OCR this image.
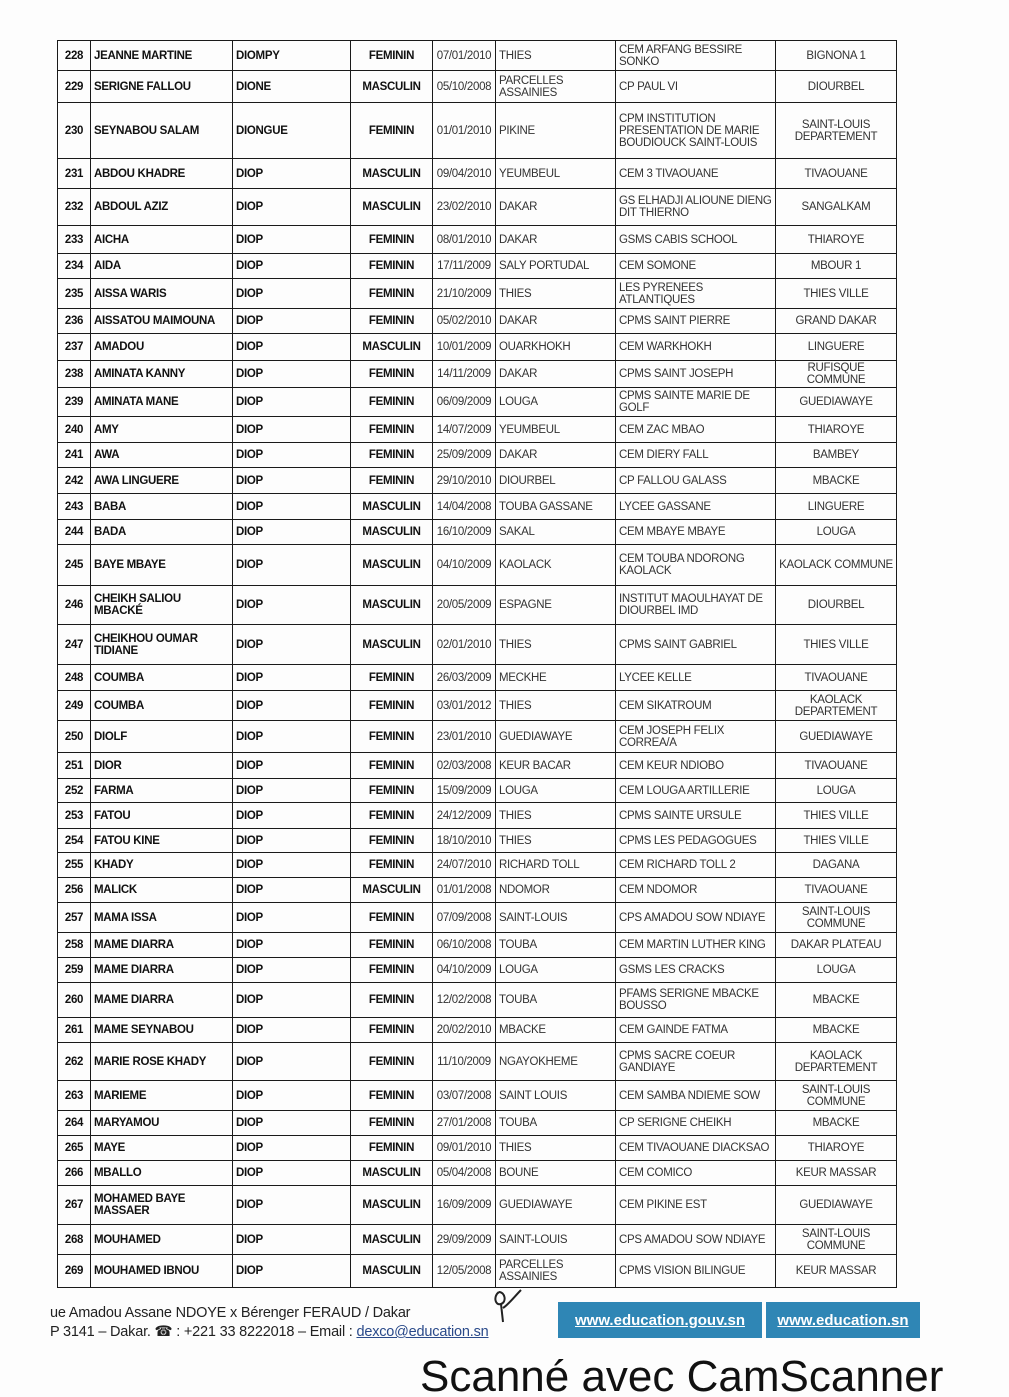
228	JEANNE MARTINE	DIOMPY	FEMININ	07/01/2010	THIES	CEM ARFANG BESSIRE SONKO	BIGNONA 1
229	SERIGNE FALLOU	DIONE	MASCULIN	05/10/2008	PARCELLES ASSAINIES	CP PAUL VI	DIOURBEL
230	SEYNABOU SALAM	DIONGUE	FEMININ	01/01/2010	PIKINE	CPM INSTITUTION PRESENTATION DE MARIE BOUDIOUCK SAINT-LOUIS	SAINT-LOUIS DEPARTEMENT
231	ABDOU KHADRE	DIOP	MASCULIN	09/04/2010	YEUMBEUL	CEM 3 TIVAOUANE	TIVAOUANE
232	ABDOUL AZIZ	DIOP	MASCULIN	23/02/2010	DAKAR	GS ELHADJI ALIOUNE DIENG DIT THIERNO	SANGALKAM
233	AICHA	DIOP	FEMININ	08/01/2010	DAKAR	GSMS CABIS SCHOOL	THIAROYE
234	AIDA	DIOP	FEMININ	17/11/2009	SALY PORTUDAL	CEM SOMONE	MBOUR 1
235	AISSA WARIS	DIOP	FEMININ	21/10/2009	THIES	LES PYRENEES ATLANTIQUES	THIES VILLE
236	AISSATOU MAIMOUNA	DIOP	FEMININ	05/02/2010	DAKAR	CPMS SAINT PIERRE	GRAND DAKAR
237	AMADOU	DIOP	MASCULIN	10/01/2009	OUARKHOKH	CEM WARKHOKH	LINGUERE
238	AMINATA KANNY	DIOP	FEMININ	14/11/2009	DAKAR	CPMS SAINT JOSEPH	RUFISQUE COMMUNE
239	AMINATA MANE	DIOP	FEMININ	06/09/2009	LOUGA	CPMS SAINTE MARIE DE GOLF	GUEDIAWAYE
240	AMY	DIOP	FEMININ	14/07/2009	YEUMBEUL	CEM ZAC MBAO	THIAROYE
241	AWA	DIOP	FEMININ	25/09/2009	DAKAR	CEM DIERY FALL	BAMBEY
242	AWA LINGUERE	DIOP	FEMININ	29/10/2010	DIOURBEL	CP FALLOU GALASS	MBACKE
243	BABA	DIOP	MASCULIN	14/04/2008	TOUBA GASSANE	LYCEE GASSANE	LINGUERE
244	BADA	DIOP	MASCULIN	16/10/2009	SAKAL	CEM MBAYE MBAYE	LOUGA
245	BAYE MBAYE	DIOP	MASCULIN	04/10/2009	KAOLACK	CEM TOUBA NDORONG KAOLACK	KAOLACK COMMUNE
246	CHEIKH SALIOU MBACKÉ	DIOP	MASCULIN	20/05/2009	ESPAGNE	INSTITUT MAOULHAYAT DE DIOURBEL IMD	DIOURBEL
247	CHEIKHOU OUMAR TIDIANE	DIOP	MASCULIN	02/01/2010	THIES	CPMS SAINT GABRIEL	THIES VILLE
248	COUMBA	DIOP	FEMININ	26/03/2009	MECKHE	LYCEE KELLE	TIVAOUANE
249	COUMBA	DIOP	FEMININ	03/01/2012	THIES	CEM SIKATROUM	KAOLACK DEPARTEMENT
250	DIOLF	DIOP	FEMININ	23/01/2010	GUEDIAWAYE	CEM JOSEPH FELIX CORREA/A	GUEDIAWAYE
251	DIOR	DIOP	FEMININ	02/03/2008	KEUR BACAR	CEM KEUR NDIOBO	TIVAOUANE
252	FARMA	DIOP	FEMININ	15/09/2009	LOUGA	CEM LOUGA ARTILLERIE	LOUGA
253	FATOU	DIOP	FEMININ	24/12/2009	THIES	CPMS SAINTE URSULE	THIES VILLE
254	FATOU KINE	DIOP	FEMININ	18/10/2010	THIES	CPMS LES PEDAGOGUES	THIES VILLE
255	KHADY	DIOP	FEMININ	24/07/2010	RICHARD TOLL	CEM RICHARD TOLL 2	DAGANA
256	MALICK	DIOP	MASCULIN	01/01/2008	NDOMOR	CEM NDOMOR	TIVAOUANE
257	MAMA ISSA	DIOP	FEMININ	07/09/2008	SAINT-LOUIS	CPS AMADOU SOW NDIAYE	SAINT-LOUIS COMMUNE
258	MAME DIARRA	DIOP	FEMININ	06/10/2008	TOUBA	CEM MARTIN LUTHER KING	DAKAR PLATEAU
259	MAME DIARRA	DIOP	FEMININ	04/10/2009	LOUGA	GSMS LES CRACKS	LOUGA
260	MAME DIARRA	DIOP	FEMININ	12/02/2008	TOUBA	PFAMS SERIGNE MBACKE BOUSSO	MBACKE
261	MAME SEYNABOU	DIOP	FEMININ	20/02/2010	MBACKE	CEM GAINDE FATMA	MBACKE
262	MARIE ROSE KHADY	DIOP	FEMININ	11/10/2009	NGAYOKHEME	CPMS SACRE COEUR GANDIAYE	KAOLACK DEPARTEMENT
263	MARIEME	DIOP	FEMININ	03/07/2008	SAINT LOUIS	CEM SAMBA NDIEME SOW	SAINT-LOUIS COMMUNE
264	MARYAMOU	DIOP	FEMININ	27/01/2008	TOUBA	CP SERIGNE CHEIKH	MBACKE
265	MAYE	DIOP	FEMININ	09/01/2010	THIES	CEM TIVAOUANE DIACKSAO	THIAROYE
266	MBALLO	DIOP	MASCULIN	05/04/2008	BOUNE	CEM COMICO	KEUR MASSAR
267	MOHAMED BAYE MASSAER	DIOP	MASCULIN	16/09/2009	GUEDIAWAYE	CEM PIKINE EST	GUEDIAWAYE
268	MOUHAMED	DIOP	MASCULIN	29/09/2009	SAINT-LOUIS	CPS AMADOU SOW NDIAYE	SAINT-LOUIS COMMUNE
269	MOUHAMED IBNOU	DIOP	MASCULIN	12/05/2008	PARCELLES ASSAINIES	CPMS VISION BILINGUE	KEUR MASSAR
ue Amadou Assane NDOYE x Bérenger FERAUD / Dakar
P 3141 – Dakar. ☎ : +221 33 8222018 – Email : dexco@education.sn
www.education.gouv.sn	www.education.sn
Scanné avec CamScanner
